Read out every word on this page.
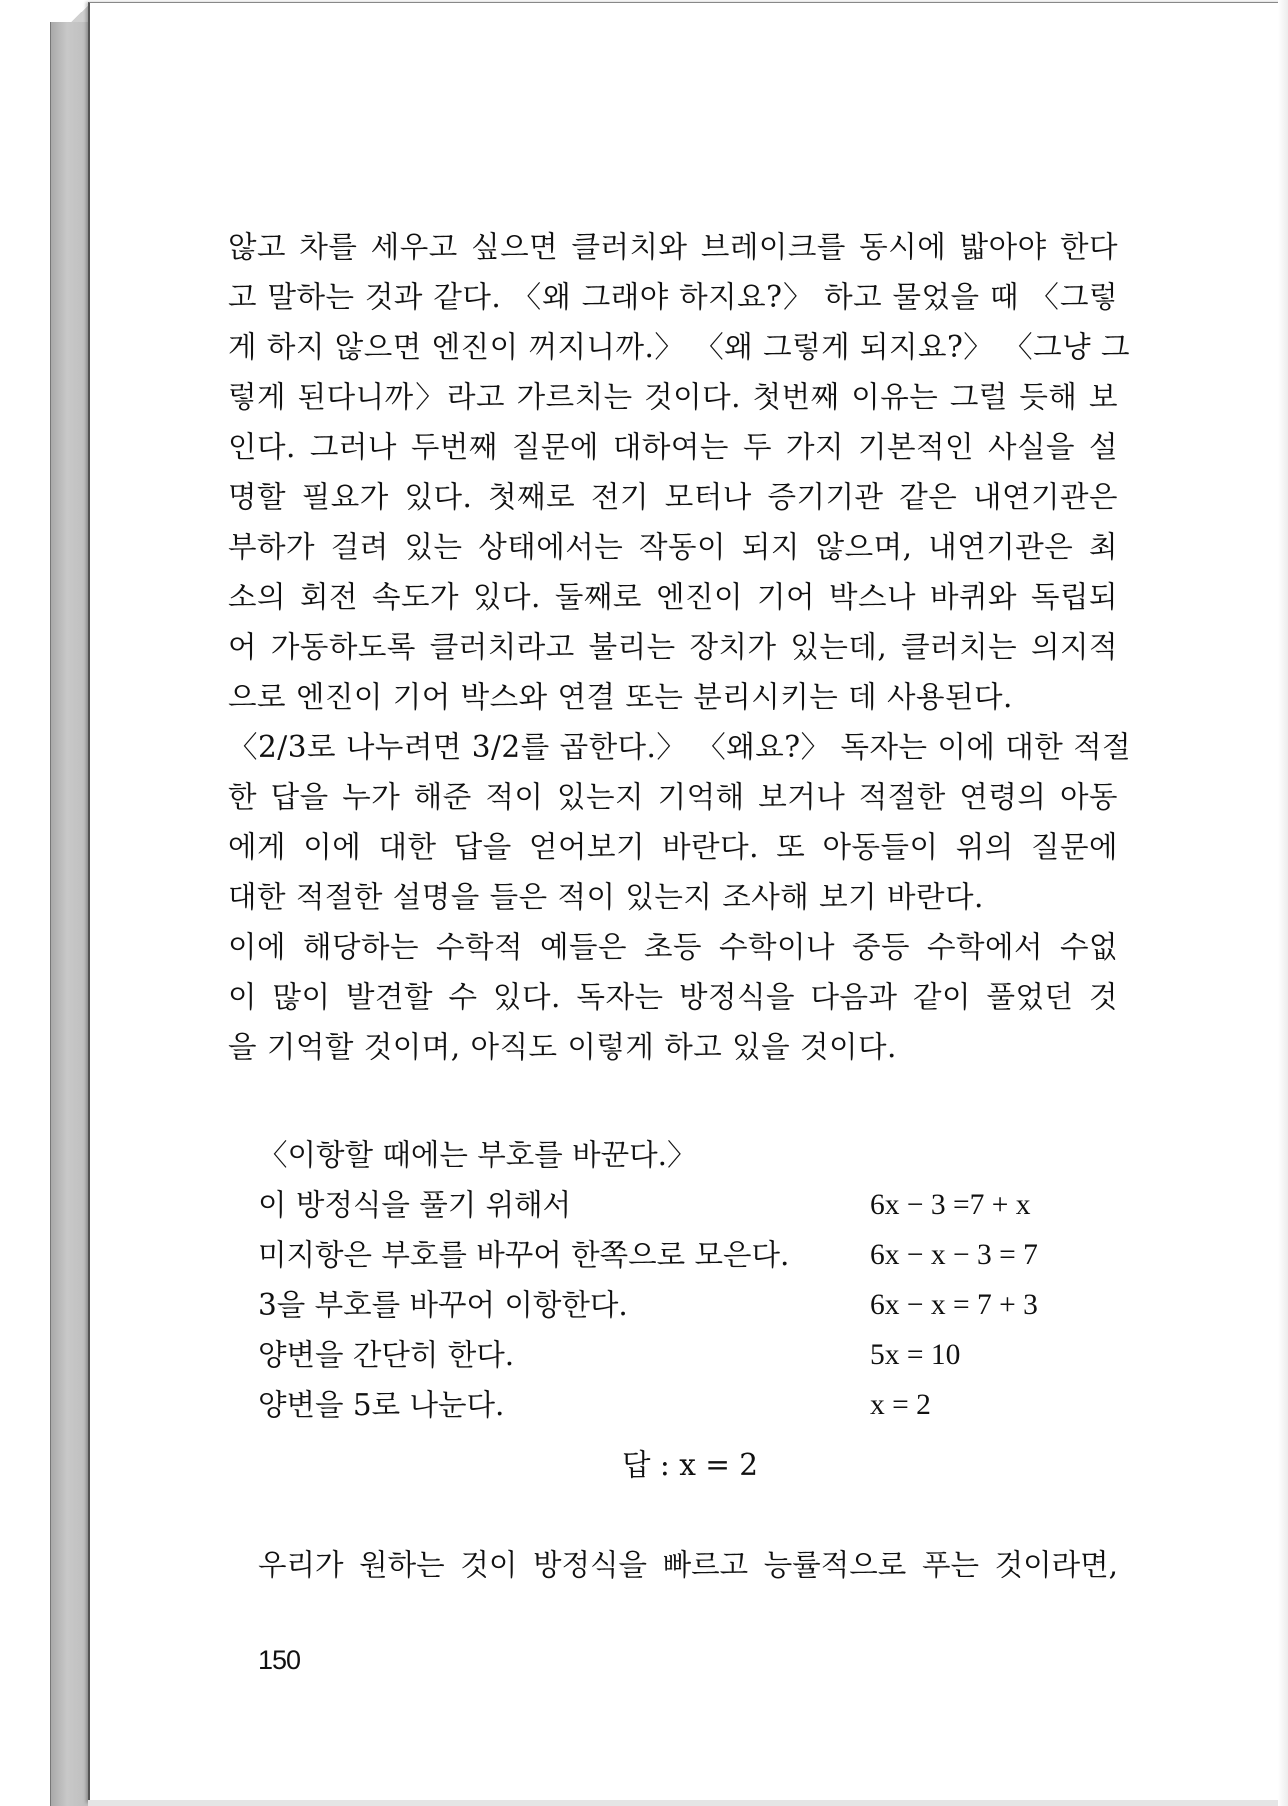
않고 차를 세우고 싶으면 클러치와 브레이크를 동시에 밟아야 한다
고 말하는 것과 같다. 〈왜 그래야 하지요?〉 하고 물었을 때 〈그렇
게 하지 않으면 엔진이 꺼지니까.〉 〈왜 그렇게 되지요?〉 〈그냥 그
렇게 된다니까〉라고 가르치는 것이다. 첫번째 이유는 그럴 듯해 보
인다. 그러나 두번째 질문에 대하여는 두 가지 기본적인 사실을 설
명할 필요가 있다. 첫째로 전기 모터나 증기기관 같은 내연기관은
부하가 걸려 있는 상태에서는 작동이 되지 않으며, 내연기관은 최
소의 회전 속도가 있다. 둘째로 엔진이 기어 박스나 바퀴와 독립되
어 가동하도록 클러치라고 불리는 장치가 있는데, 클러치는 의지적
으로 엔진이 기어 박스와 연결 또는 분리시키는 데 사용된다.
〈2/3로 나누려면 3/2를 곱한다.〉 〈왜요?〉 독자는 이에 대한 적절
한 답을 누가 해준 적이 있는지 기억해 보거나 적절한 연령의 아동
에게 이에 대한 답을 얻어보기 바란다. 또 아동들이 위의 질문에
대한 적절한 설명을 들은 적이 있는지 조사해 보기 바란다.
이에 해당하는 수학적 예들은 초등 수학이나 중등 수학에서 수없
이 많이 발견할 수 있다. 독자는 방정식을 다음과 같이 풀었던 것
을 기억할 것이며, 아직도 이렇게 하고 있을 것이다.
〈이항할 때에는 부호를 바꾼다.〉
이 방정식을 풀기 위해서	6x − 3 =7 + x
미지항은 부호를 바꾸어 한쪽으로 모은다.	6x − x − 3 = 7
3을 부호를 바꾸어 이항한다.	6x − x = 7 + 3
양변을 간단히 한다.	5x = 10
양변을 5로 나눈다.	x = 2
답 : x = 2
우리가 원하는 것이 방정식을 빠르고 능률적으로 푸는 것이라면,
150
